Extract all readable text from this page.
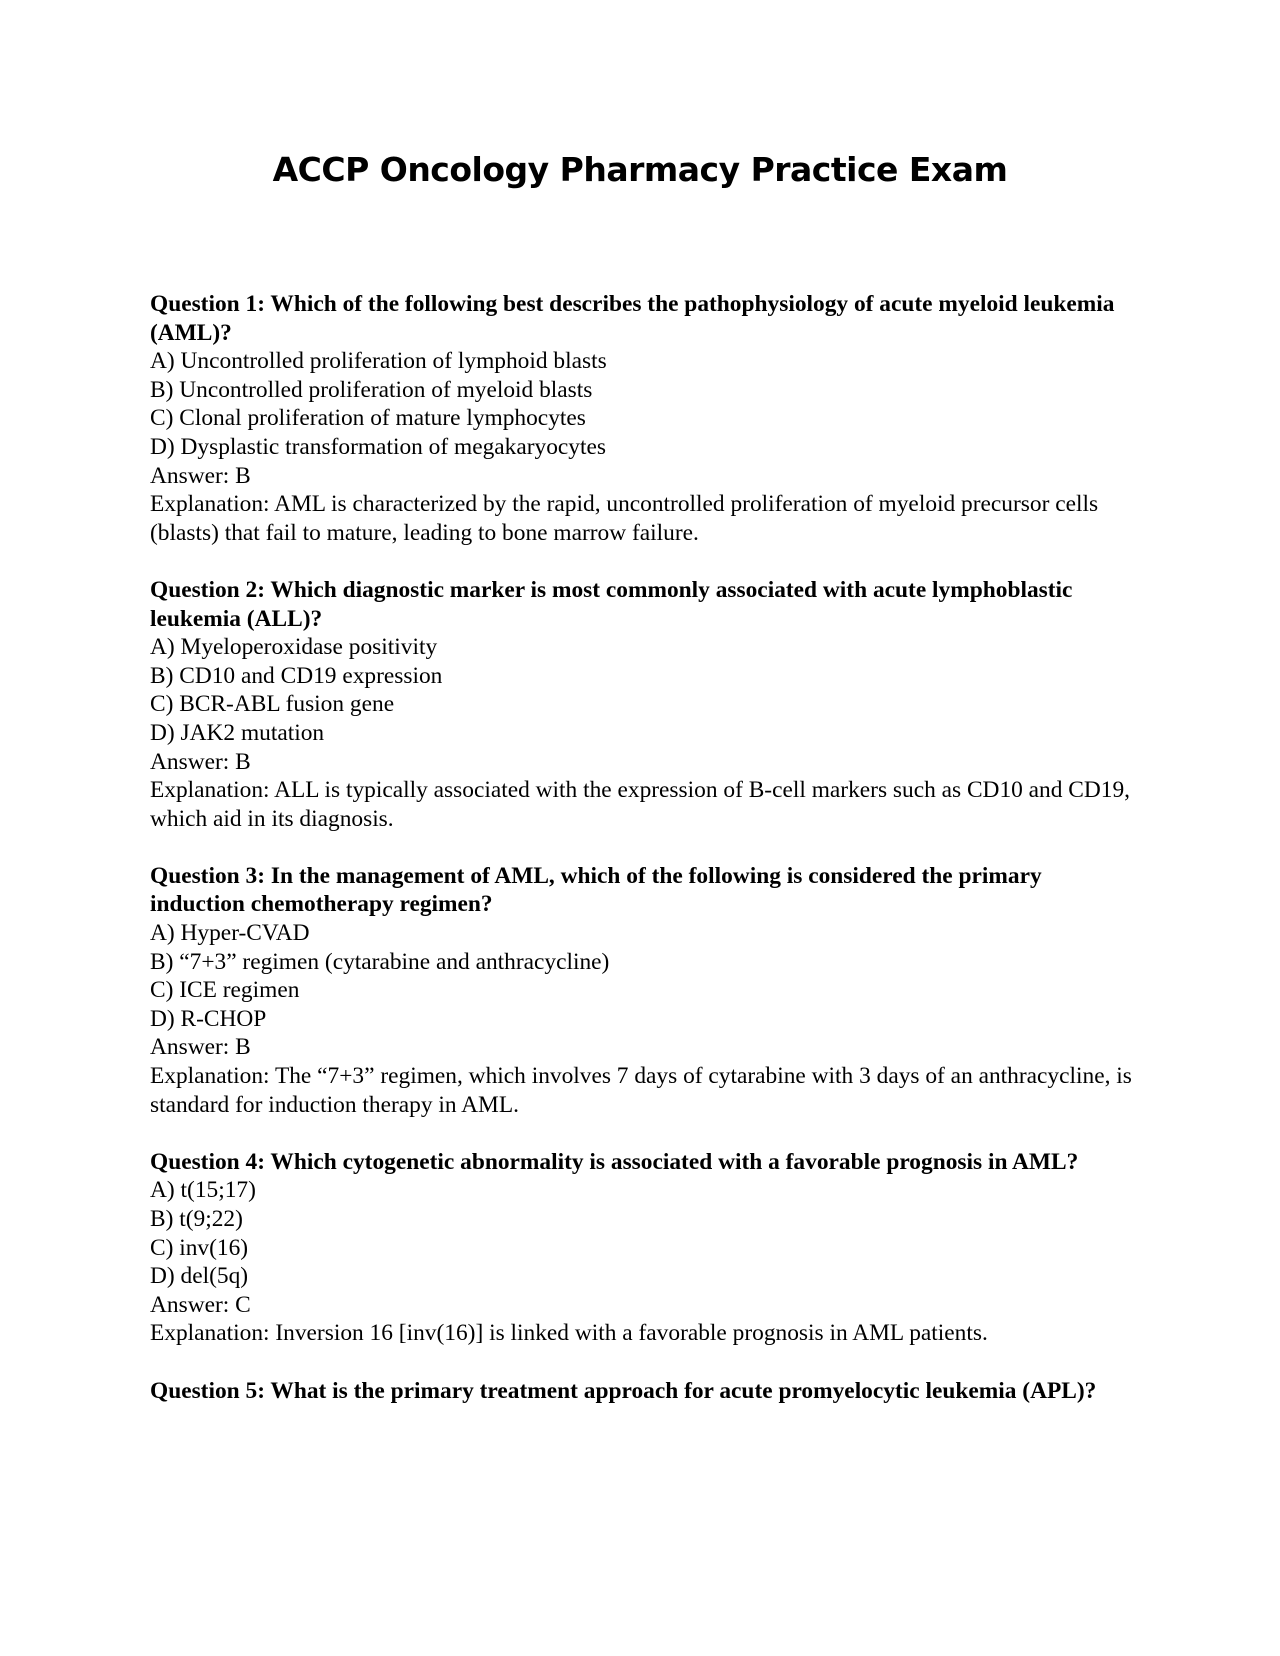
ACCP Oncology Pharmacy Practice Exam

Question 1: Which of the following best describes the pathophysiology of acute myeloid leukemia (AML)?

A) Uncontrolled proliferation of lymphoid blasts

B) Uncontrolled proliferation of myeloid blasts

C) Clonal proliferation of mature lymphocytes

D) Dysplastic transformation of megakaryocytes

Answer: B

Explanation: AML is characterized by the rapid, uncontrolled proliferation of myeloid precursor cells (blasts) that fail to mature, leading to bone marrow failure.

Question 2: Which diagnostic marker is most commonly associated with acute lymphoblastic leukemia (ALL)?

A) Myeloperoxidase positivity

B) CD10 and CD19 expression

C) BCR-ABL fusion gene

D) JAK2 mutation

Answer: B

Explanation: ALL is typically associated with the expression of B-cell markers such as CD10 and CD19, which aid in its diagnosis.

Question 3: In the management of AML, which of the following is considered the primary induction chemotherapy regimen?

A) Hyper-CVAD

B) “7+3” regimen (cytarabine and anthracycline)

C) ICE regimen

D) R-CHOP

Answer: B

Explanation: The “7+3” regimen, which involves 7 days of cytarabine with 3 days of an anthracycline, is standard for induction therapy in AML.

Question 4: Which cytogenetic abnormality is associated with a favorable prognosis in AML?

A) t(15;17)

B) t(9;22)

C) inv(16)

D) del(5q)

Answer: C

Explanation: Inversion 16 [inv(16)] is linked with a favorable prognosis in AML patients.

Question 5: What is the primary treatment approach for acute promyelocytic leukemia (APL)?
